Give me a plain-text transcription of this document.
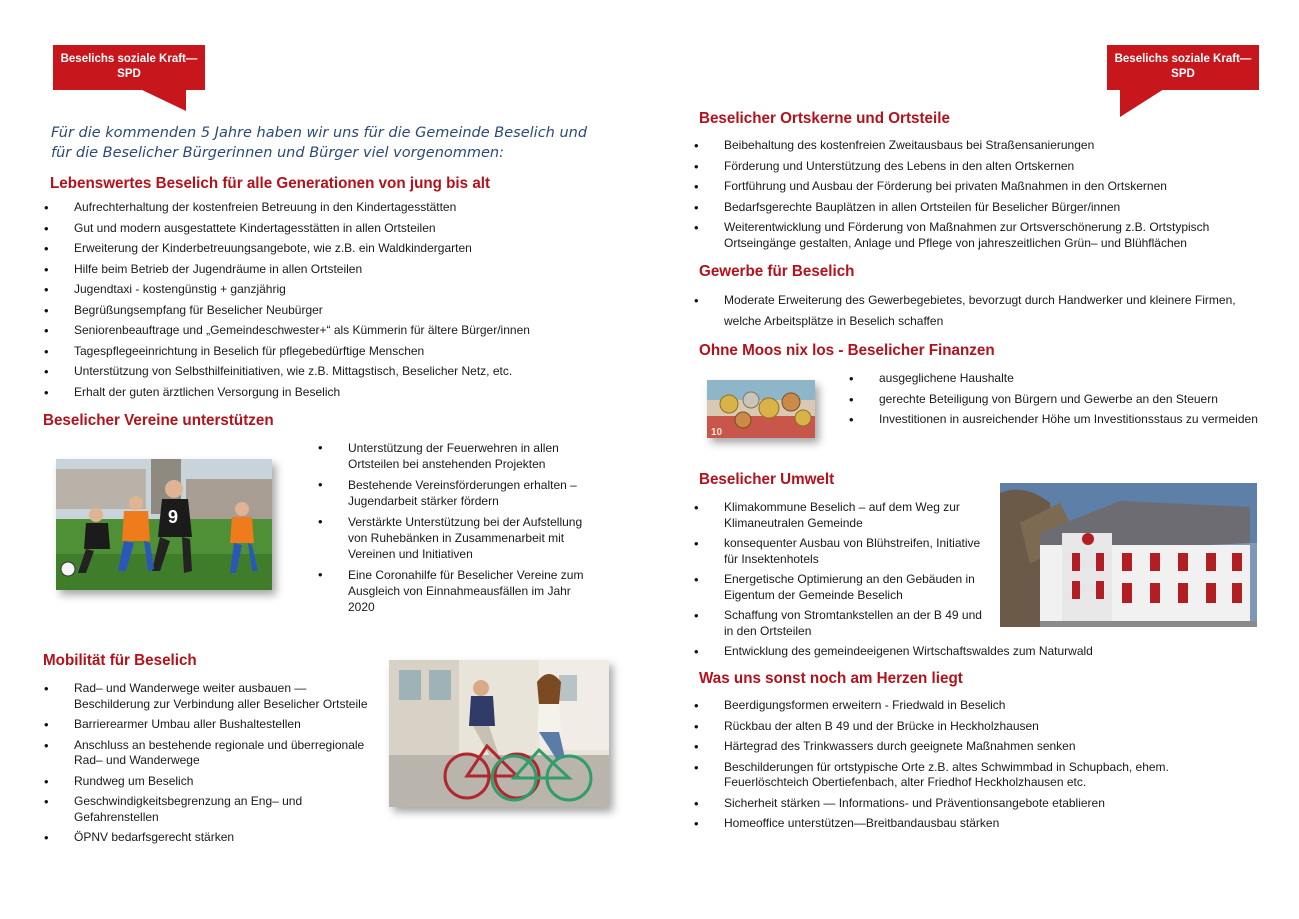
Beselichs soziale Kraft— SPD
Beselichs soziale Kraft— SPD
Für die kommenden 5 Jahre haben wir uns für die Gemeinde Beselich und für die Beselicher Bürgerinnen und Bürger viel vorgenommen:
Lebenswertes Beselich für alle Generationen von jung bis alt
• Aufrechterhaltung der kostenfreien Betreuung in den Kindertagesstätten
• Gut und modern ausgestattete Kindertagesstätten in allen Ortsteilen
• Erweiterung der Kinderbetreuungsangebote, wie z.B. ein Waldkindergarten
• Hilfe beim Betrieb der Jugendräume in allen Ortsteilen
• Jugendtaxi - kostengünstig + ganzjährig
• Begrüßungsempfang für Beselicher Neubürger
• Seniorenbeauftrage und „Gemeindeschwester+“ als Kümmerin für ältere Bürger/innen
• Tagespflegeeinrichtung in Beselich für pflegebedürftige Menschen
• Unterstützung von Selbsthilfeinitiativen, wie z.B. Mittagstisch, Beselicher Netz, etc.
• Erhalt der guten ärztlichen Versorgung in Beselich
Beselicher Vereine unterstützen
9
• Unterstützung der Feuerwehren in allen Ortsteilen bei anstehenden Projekten
• Bestehende Vereinsförderungen erhalten – Jugendarbeit stärker fördern
• Verstärkte Unterstützung bei der Aufstellung von Ruhebänken in Zusammenarbeit mit Vereinen und Initiativen
• Eine Coronahilfe für Beselicher Vereine zum Ausgleich von Einnahmeausfällen im Jahr 2020
Mobilität für Beselich
• Rad– und Wanderwege weiter ausbauen — Beschilderung zur Verbindung aller Beselicher Ortsteile
• Barrierearmer Umbau aller Bushaltestellen
• Anschluss an bestehende regionale und überregionale Rad– und Wanderwege
• Rundweg um Beselich
• Geschwindigkeitsbegrenzung an Eng– und Gefahrenstellen
• ÖPNV bedarfsgerecht stärken
Beselicher Ortskerne und Ortsteile
• Beibehaltung des kostenfreien Zweitausbaus bei Straßensanierungen
• Förderung und Unterstützung des Lebens in den alten Ortskernen
• Fortführung und Ausbau der Förderung bei privaten Maßnahmen in den Ortskernen
• Bedarfsgerechte Bauplätzen in allen Ortsteilen für Beselicher Bürger/innen
• Weiterentwicklung und Förderung von Maßnahmen zur Ortsverschönerung z.B. Ortstypisch Ortseingänge gestalten, Anlage und Pflege von jahreszeitlichen Grün– und Blühflächen
Gewerbe für Beselich
• Moderate Erweiterung des Gewerbegebietes, bevorzugt durch Handwerker und kleinere Firmen, welche Arbeitsplätze in Beselich schaffen
Ohne Moos nix los - Beselicher Finanzen
10
• ausgeglichene Haushalte
• gerechte Beteiligung von Bürgern und Gewerbe an den Steuern
• Investitionen in ausreichender Höhe um Investitionsstaus zu vermeiden
Beselicher Umwelt
• Klimakommune Beselich – auf dem Weg zur Klimaneutralen Gemeinde
• konsequenter Ausbau von Blühstreifen, Initiative für Insektenhotels
• Energetische Optimierung an den Gebäuden in Eigentum der Gemeinde Beselich
• Schaffung von Stromtankstellen an der B 49 und in den Ortsteilen
• Entwicklung des gemeindeeigenen Wirtschaftswaldes zum Naturwald
Was uns sonst noch am Herzen liegt
• Beerdigungsformen erweitern - Friedwald in Beselich
• Rückbau der alten B 49 und der Brücke in Heckholzhausen
• Härtegrad des Trinkwassers durch geeignete Maßnahmen senken
• Beschilderungen für ortstypische Orte z.B. altes Schwimmbad in Schupbach, ehem. Feuerlöschteich Obertiefenbach, alter Friedhof Heckholzhausen etc.
• Sicherheit stärken — Informations- und Präventionsangebote etablieren
• Homeoffice unterstützen—Breitbandausbau stärken
